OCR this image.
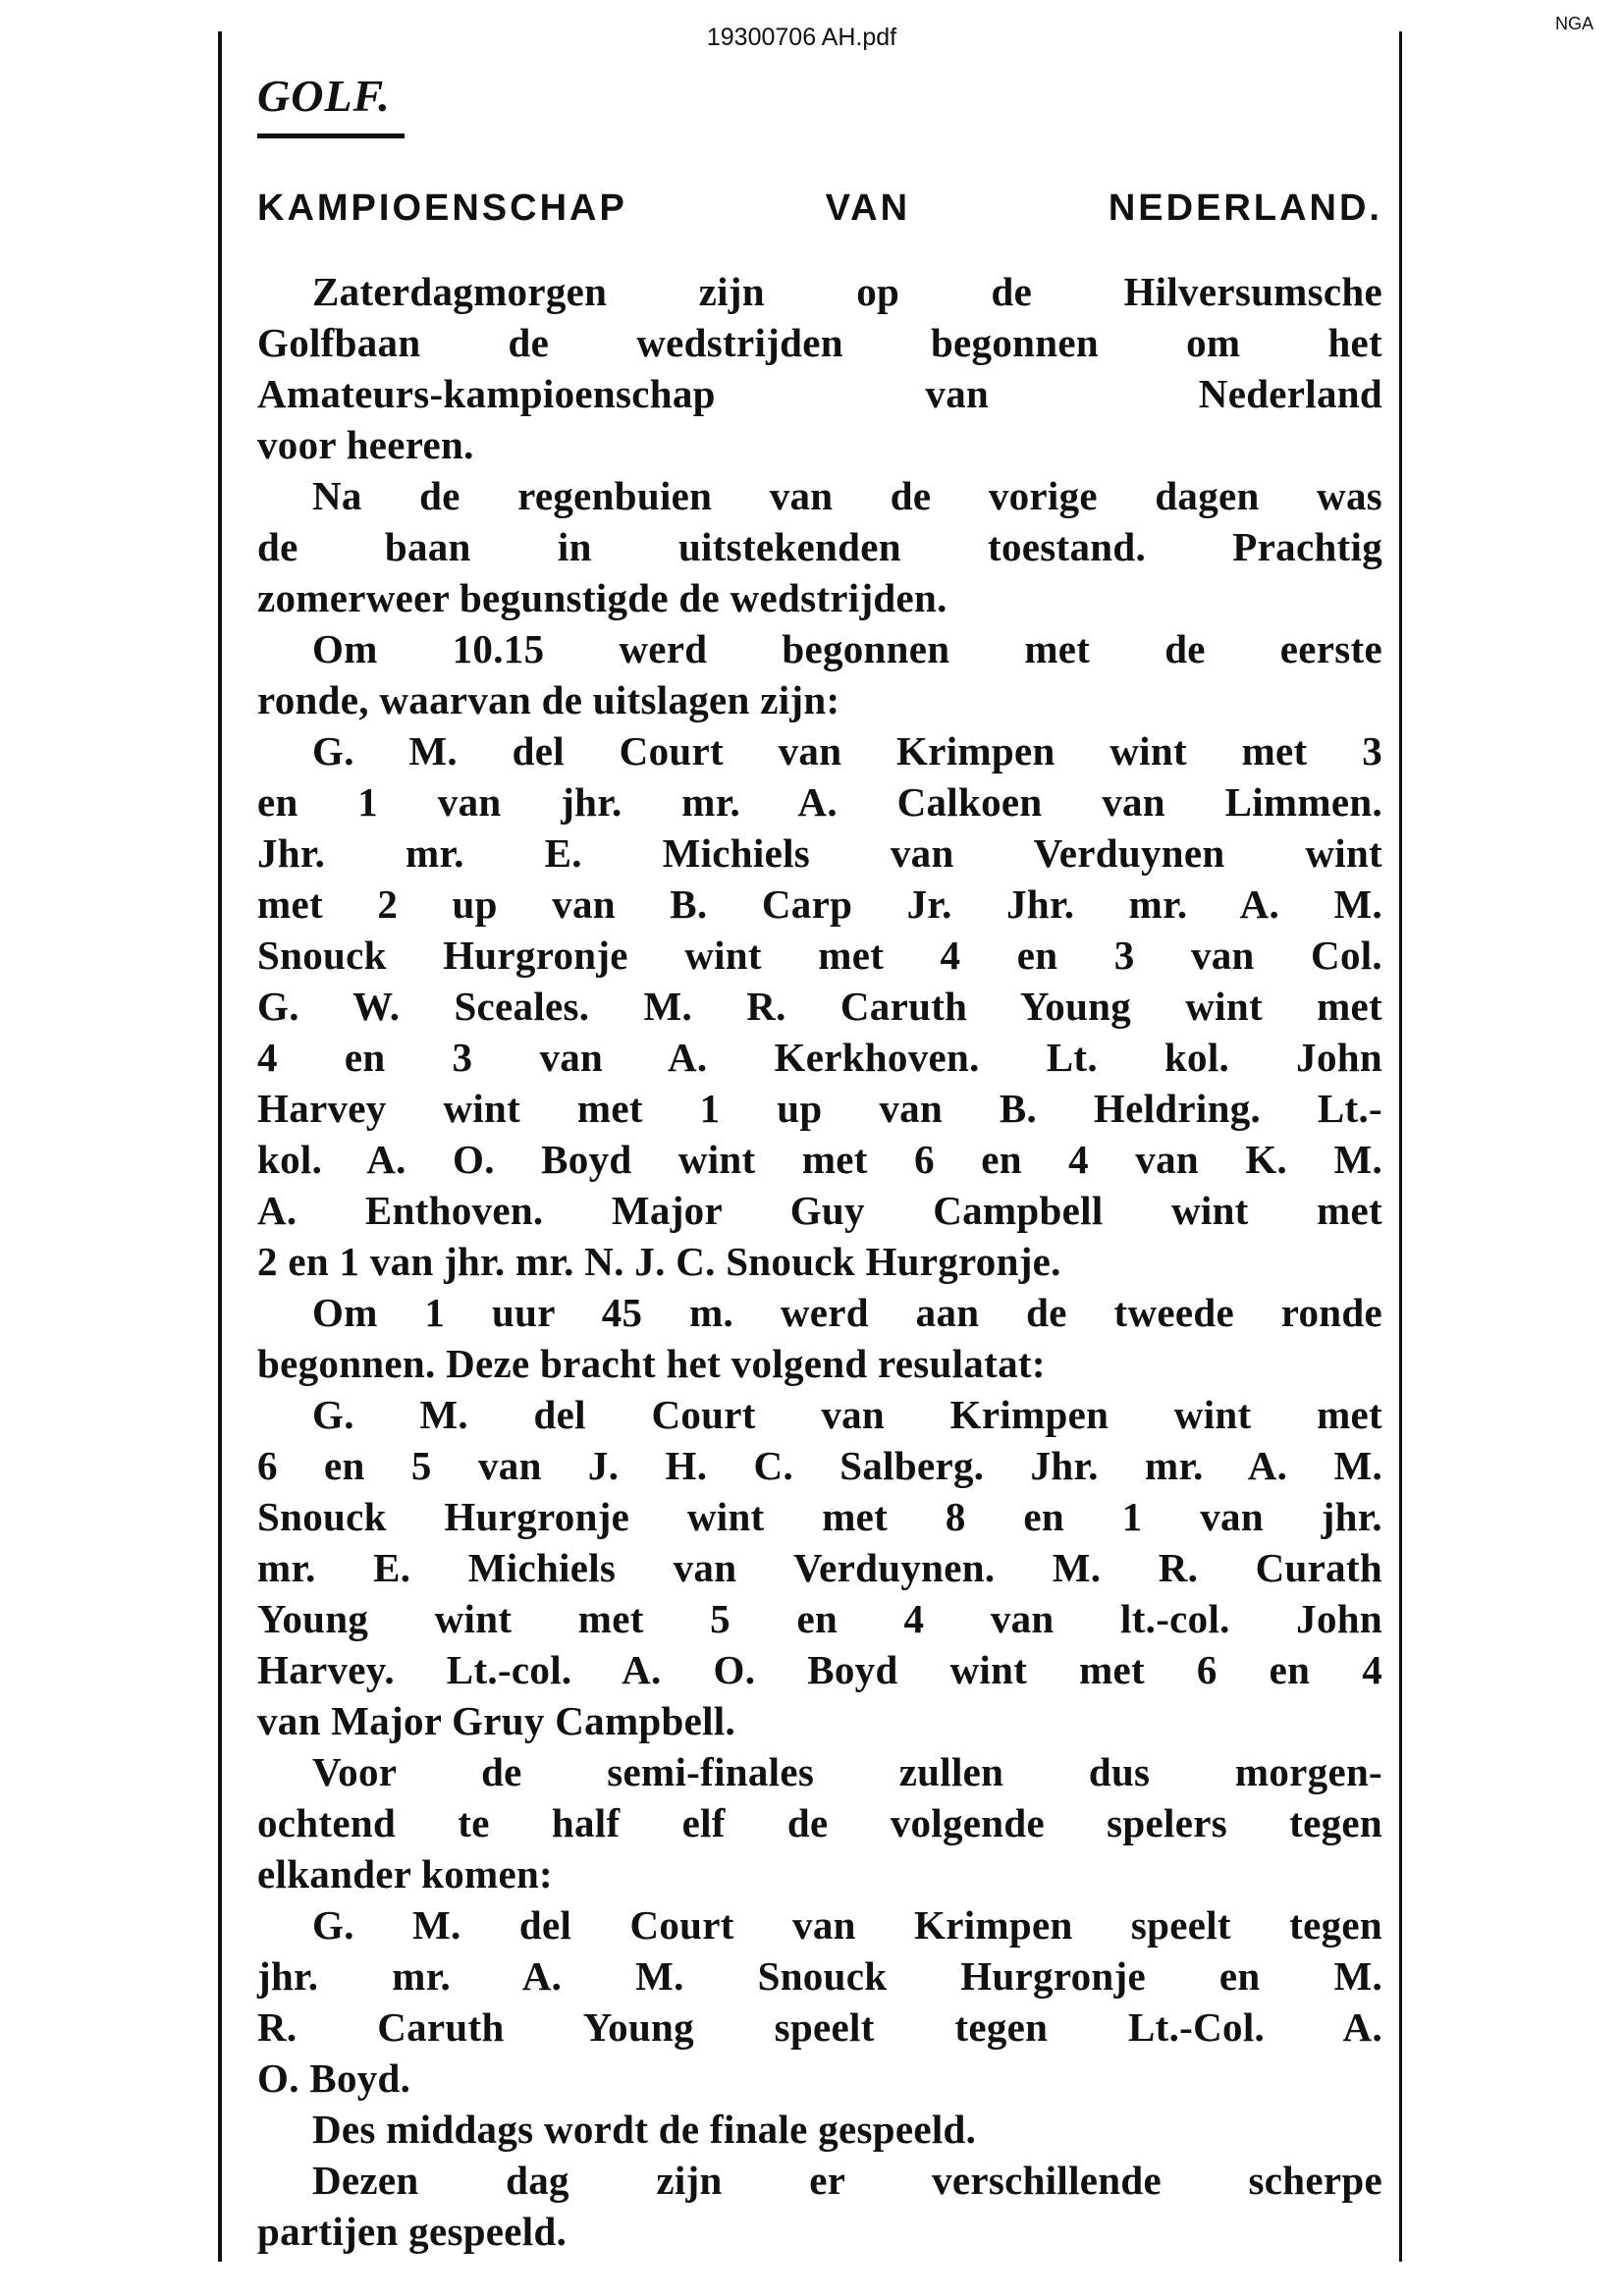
19300706 AH.pdf	NGA
GOLF.
KAMPIOENSCHAP	VAN	NEDERLAND.
Zaterdagmorgen zijn op de Hilversumsche
Golfbaan de wedstrijden begonnen om het
Amateurs-kampioenschap van Nederland
voor heeren.
Na de regenbuien van de vorige dagen was
de baan in uitstekenden toestand. Prachtig
zomerweer begunstigde de wedstrijden.
Om 10.15 werd begonnen met de eerste
ronde, waarvan de uitslagen zijn:
G. M. del Court van Krimpen wint met 3
en 1 van jhr. mr. A. Calkoen van Limmen.
Jhr. mr. E. Michiels van Verduynen wint
met 2 up van B. Carp Jr. Jhr. mr. A. M.
Snouck Hurgronje wint met 4 en 3 van Col.
G. W. Sceales. M. R. Caruth Young wint met
4 en 3 van A. Kerkhoven. Lt. kol. John
Harvey wint met 1 up van B. Heldring. Lt.-
kol. A. O. Boyd wint met 6 en 4 van K. M.
A. Enthoven. Major Guy Campbell wint met
2 en 1 van jhr. mr. N. J. C. Snouck Hurgronje.
Om 1 uur 45 m. werd aan de tweede ronde
begonnen. Deze bracht het volgend resulatat:
G. M. del Court van Krimpen wint met
6 en 5 van J. H. C. Salberg. Jhr. mr. A. M.
Snouck Hurgronje wint met 8 en 1 van jhr.
mr. E. Michiels van Verduynen. M. R. Curath
Young wint met 5 en 4 van lt.-col. John
Harvey. Lt.-col. A. O. Boyd wint met 6 en 4
van Major Gruy Campbell.
Voor de semi-finales zullen dus morgen-
ochtend te half elf de volgende spelers tegen
elkander komen:
G. M. del Court van Krimpen speelt tegen
jhr. mr. A. M. Snouck Hurgronje en M.
R. Caruth Young speelt tegen Lt.-Col. A.
O. Boyd.
Des middags wordt de finale gespeeld.
Dezen dag zijn er verschillende scherpe
partijen gespeeld.
